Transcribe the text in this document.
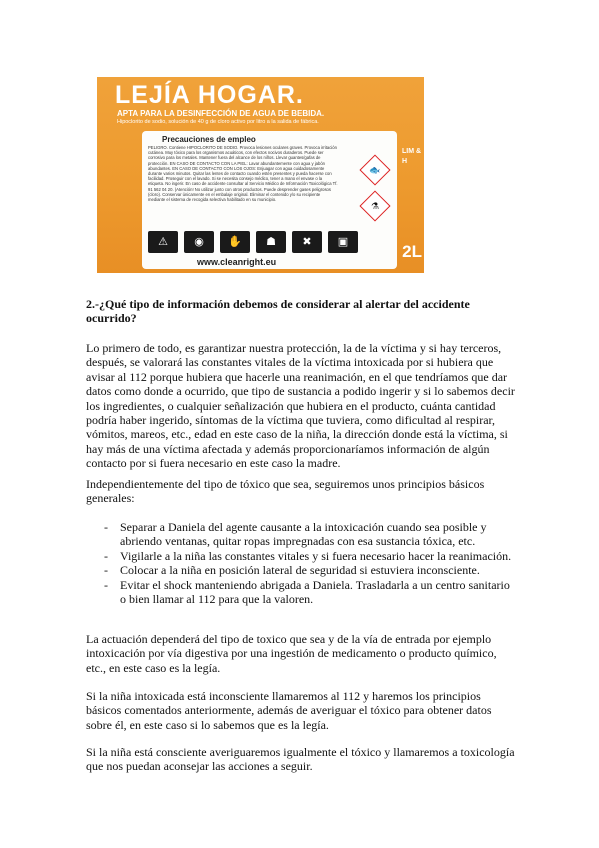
LEJÍA HOGAR.
APTA PARA LA DESINFECCIÓN DE AGUA DE BEBIDA.
Hipoclorito de sodio, solución de 40 g de cloro activo por litro a la salida de fábrica.
LIM & H
2L
Precauciones de empleo
PELIGRO. Contiene HIPOCLORITO DE SODIO. Provoca lesiones oculares graves. Provoca irritación cutánea. Muy tóxico para los organismos acuáticos, con efectos nocivos duraderos. Puede ser corrosivo para los metales. Mantener fuera del alcance de los niños. Llevar guantes/gafas de protección. EN CASO DE CONTACTO CON LA PIEL: Lavar abundantemente con agua y jabón abundantes. EN CASO DE CONTACTO CON LOS OJOS: Enjuagar con agua cuidadosamente durante varios minutos. Quitar las lentes de contacto cuando estén presentes y pueda hacerse con facilidad. Proseguir con el lavado. Si se necesita consejo médico, tener a mano el envase o la etiqueta. No ingerir. En caso de accidente consultar al Servicio Médico de Información Toxicológica Tf. 91 562 04 20. (Atención! No utilizar junto con otros productos. Puede desprender gases peligrosos (cloro). Conservar únicamente en el embalaje original. Eliminar el contenido y/o su recipiente mediante el sistema de recogida selectiva habilitado en su municipio.
🐟
⚗
⚠	◉	✋	☗	✖	▣
www.cleanright.eu

2.-¿Qué tipo de información debemos de considerar al alertar del accidente ocurrido?

Lo primero de todo, es garantizar nuestra protección, la de la víctima y si hay terceros, después, se valorará las constantes vitales de la víctima intoxicada por si hubiera que avisar al 112 porque hubiera que hacerle una reanimación, en el que tendríamos que dar datos como donde a ocurrido, que tipo de sustancia a podido ingerir y si lo sabemos decir los ingredientes, o cualquier señalización que hubiera en el producto, cuánta cantidad podría haber ingerido, síntomas de la víctima que tuviera, como dificultad al respirar, vómitos, mareos, etc., edad en este caso de la niña, la dirección donde está la víctima, si hay más de una víctima afectada y además proporcionaríamos información de algún contacto por si fuera necesario en este caso la madre.

Independientemente del tipo de tóxico que sea, seguiremos unos principios básicos generales:

- Separar a Daniela del agente causante a la intoxicación cuando sea posible y abriendo ventanas, quitar ropas impregnadas con esa sustancia tóxica, etc.
- Vigilarle a la niña las constantes vitales y si fuera necesario hacer la reanimación.
- Colocar a la niña en posición lateral de seguridad si estuviera inconsciente.
- Evitar el shock manteniendo abrigada a Daniela. Trasladarla a un centro sanitario o bien llamar al 112 para que la valoren.

La actuación dependerá del tipo de toxico que sea y de la vía de entrada por ejemplo intoxicación por vía digestiva por una ingestión de medicamento o producto químico, etc., en este caso es la legía.

Si la niña intoxicada está inconsciente llamaremos al 112 y haremos los principios básicos comentados anteriormente, además de averiguar el tóxico para obtener datos sobre él, en este caso si lo sabemos que es la legía.

Si la niña está consciente averiguaremos igualmente el tóxico y llamaremos a toxicología que nos puedan aconsejar las acciones a seguir.
